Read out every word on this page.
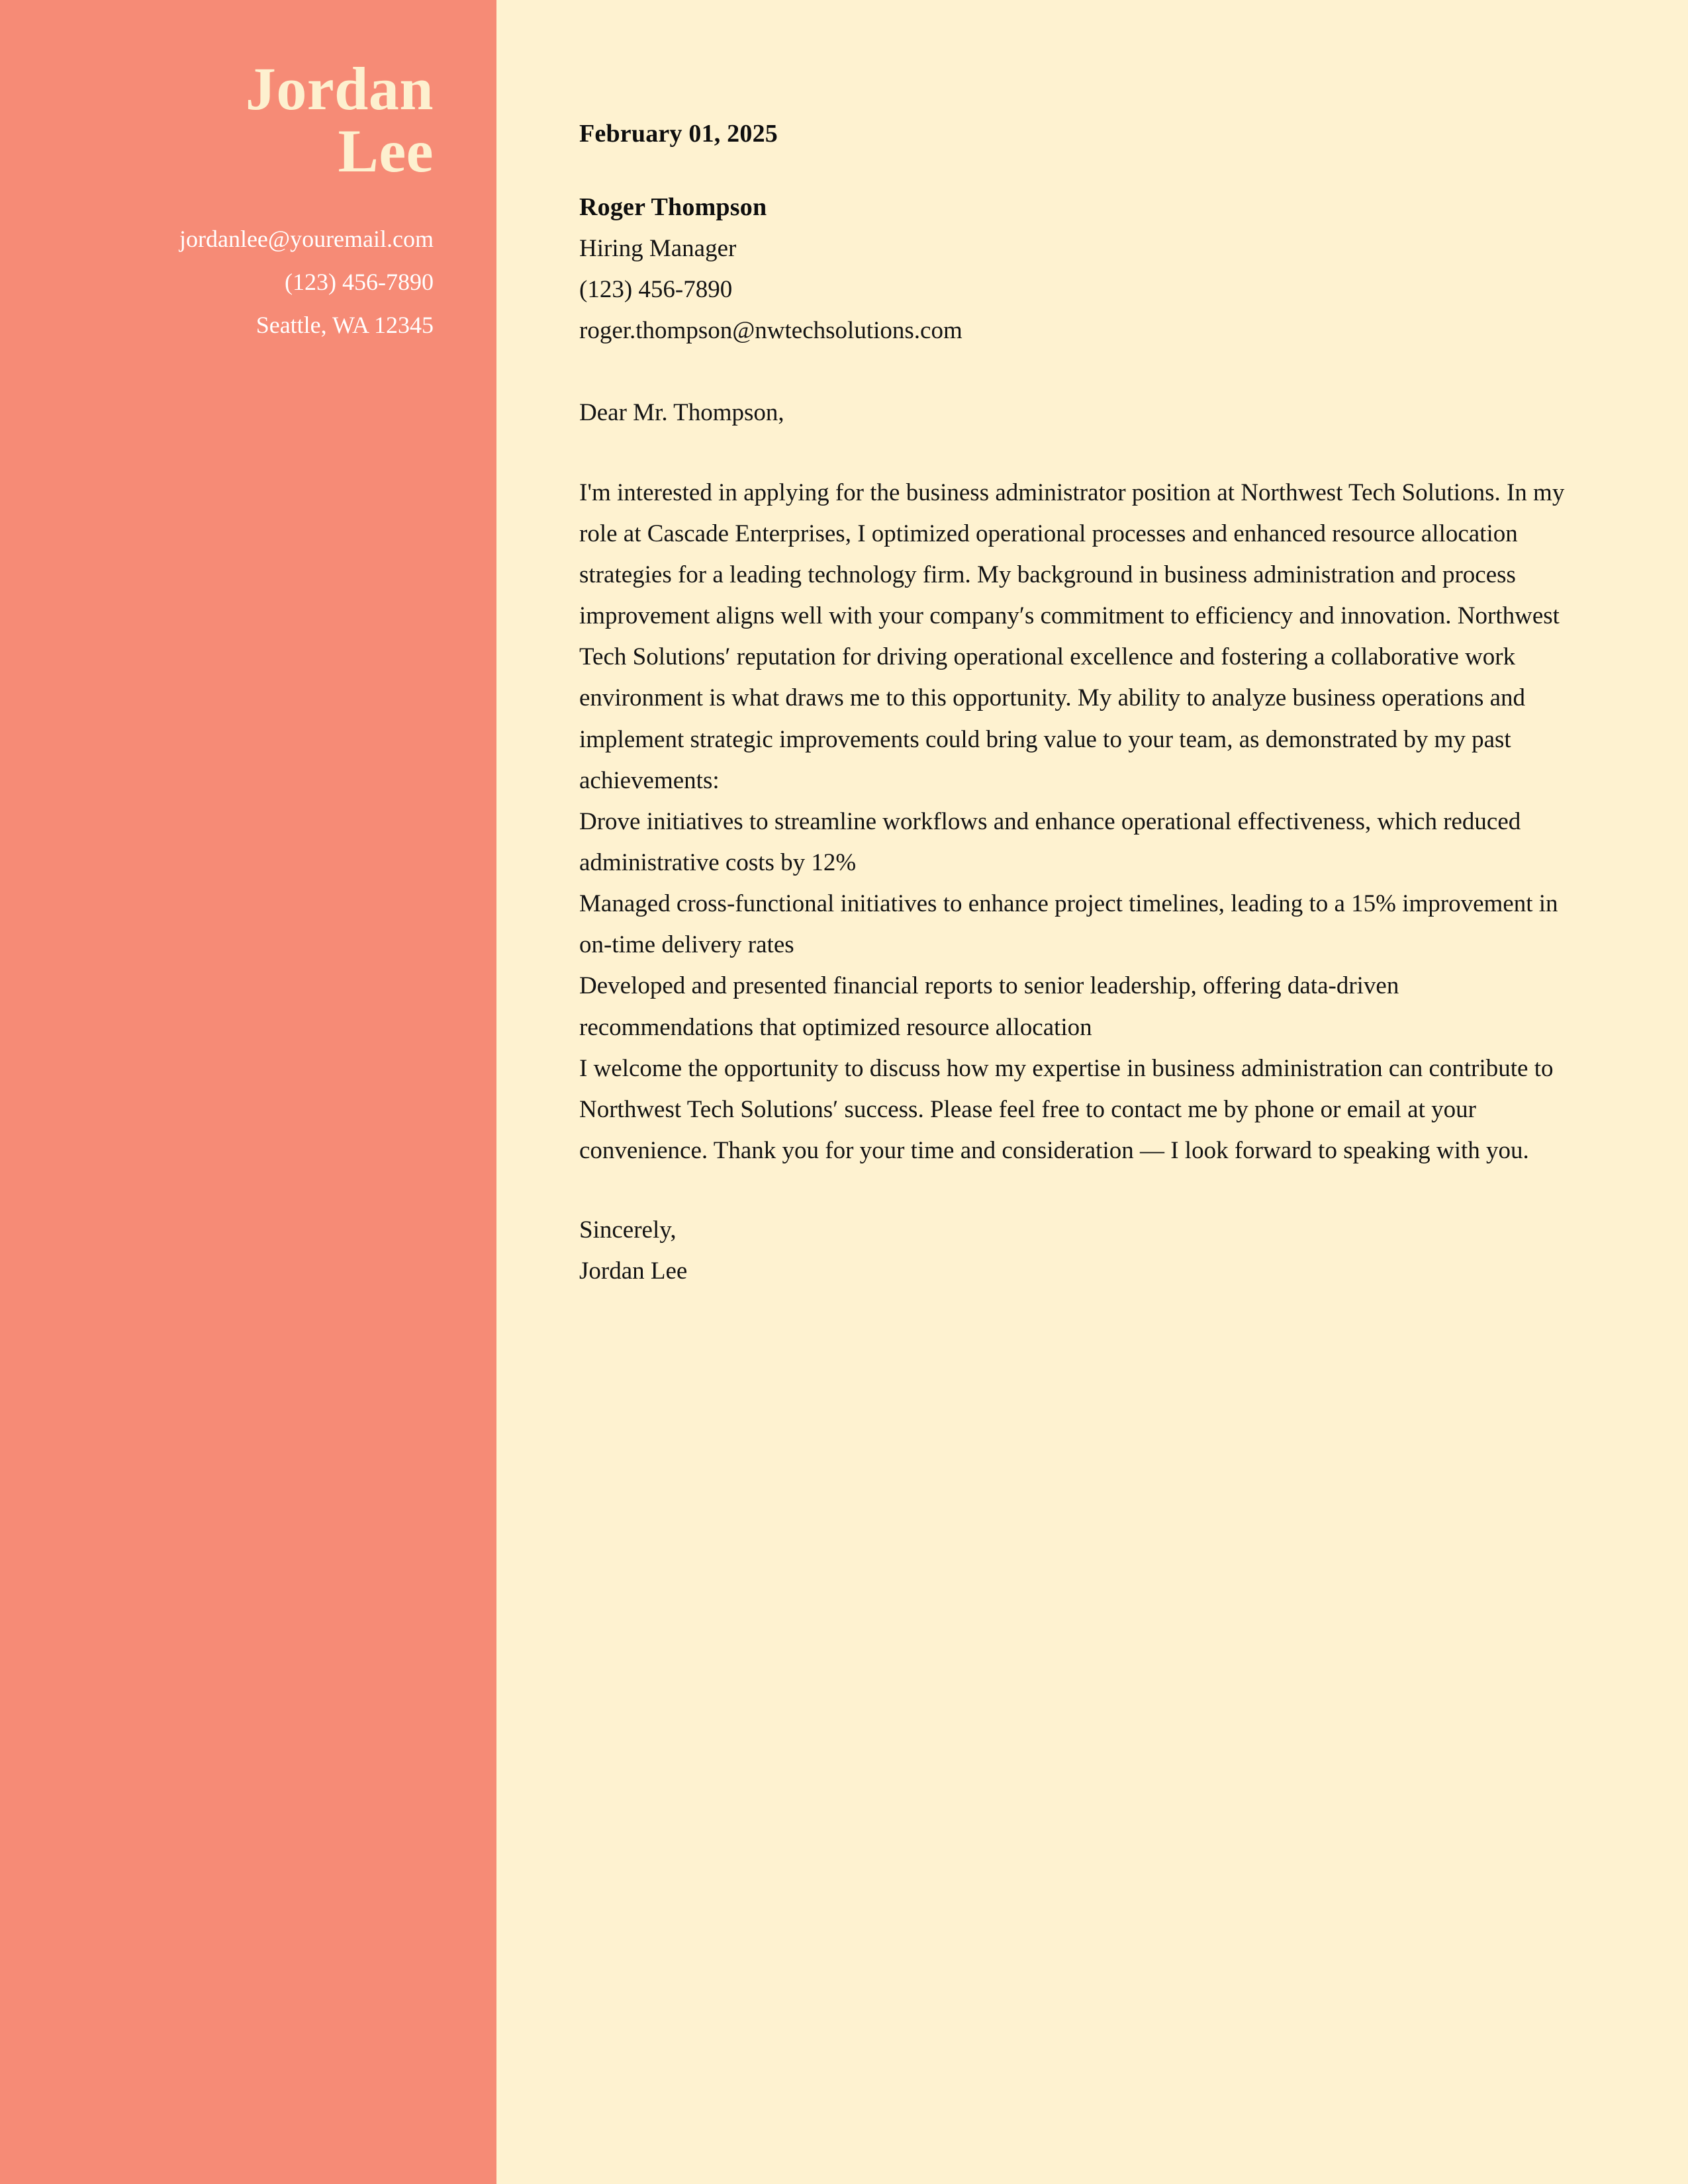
Jordan
Lee
jordanlee@youremail.com
(123) 456-7890
Seattle, WA 12345
February 01, 2025
Roger Thompson
Hiring Manager
(123) 456-7890
roger.thompson@nwtechsolutions.com
Dear Mr. Thompson,

I'm interested in applying for the business administrator position at Northwest Tech Solutions. In my role at Cascade Enterprises, I optimized operational processes and enhanced resource allocation strategies for a leading technology firm. My background in business administration and process improvement aligns well with your company′s commitment to efficiency and innovation. Northwest Tech Solutions′ reputation for driving operational excellence and fostering a collaborative work environment is what draws me to this opportunity. My ability to analyze business operations and implement strategic improvements could bring value to your team, as demonstrated by my past achievements:

Drove initiatives to streamline workflows and enhance operational effectiveness, which reduced administrative costs by 12%

Managed cross-functional initiatives to enhance project timelines, leading to a 15% improvement in on-time delivery rates

Developed and presented financial reports to senior leadership, offering data-driven recommendations that optimized resource allocation

I welcome the opportunity to discuss how my expertise in business administration can contribute to Northwest Tech Solutions′ success. Please feel free to contact me by phone or email at your convenience. Thank you for your time and consideration — I look forward to speaking with you.

Sincerely,
Jordan Lee
